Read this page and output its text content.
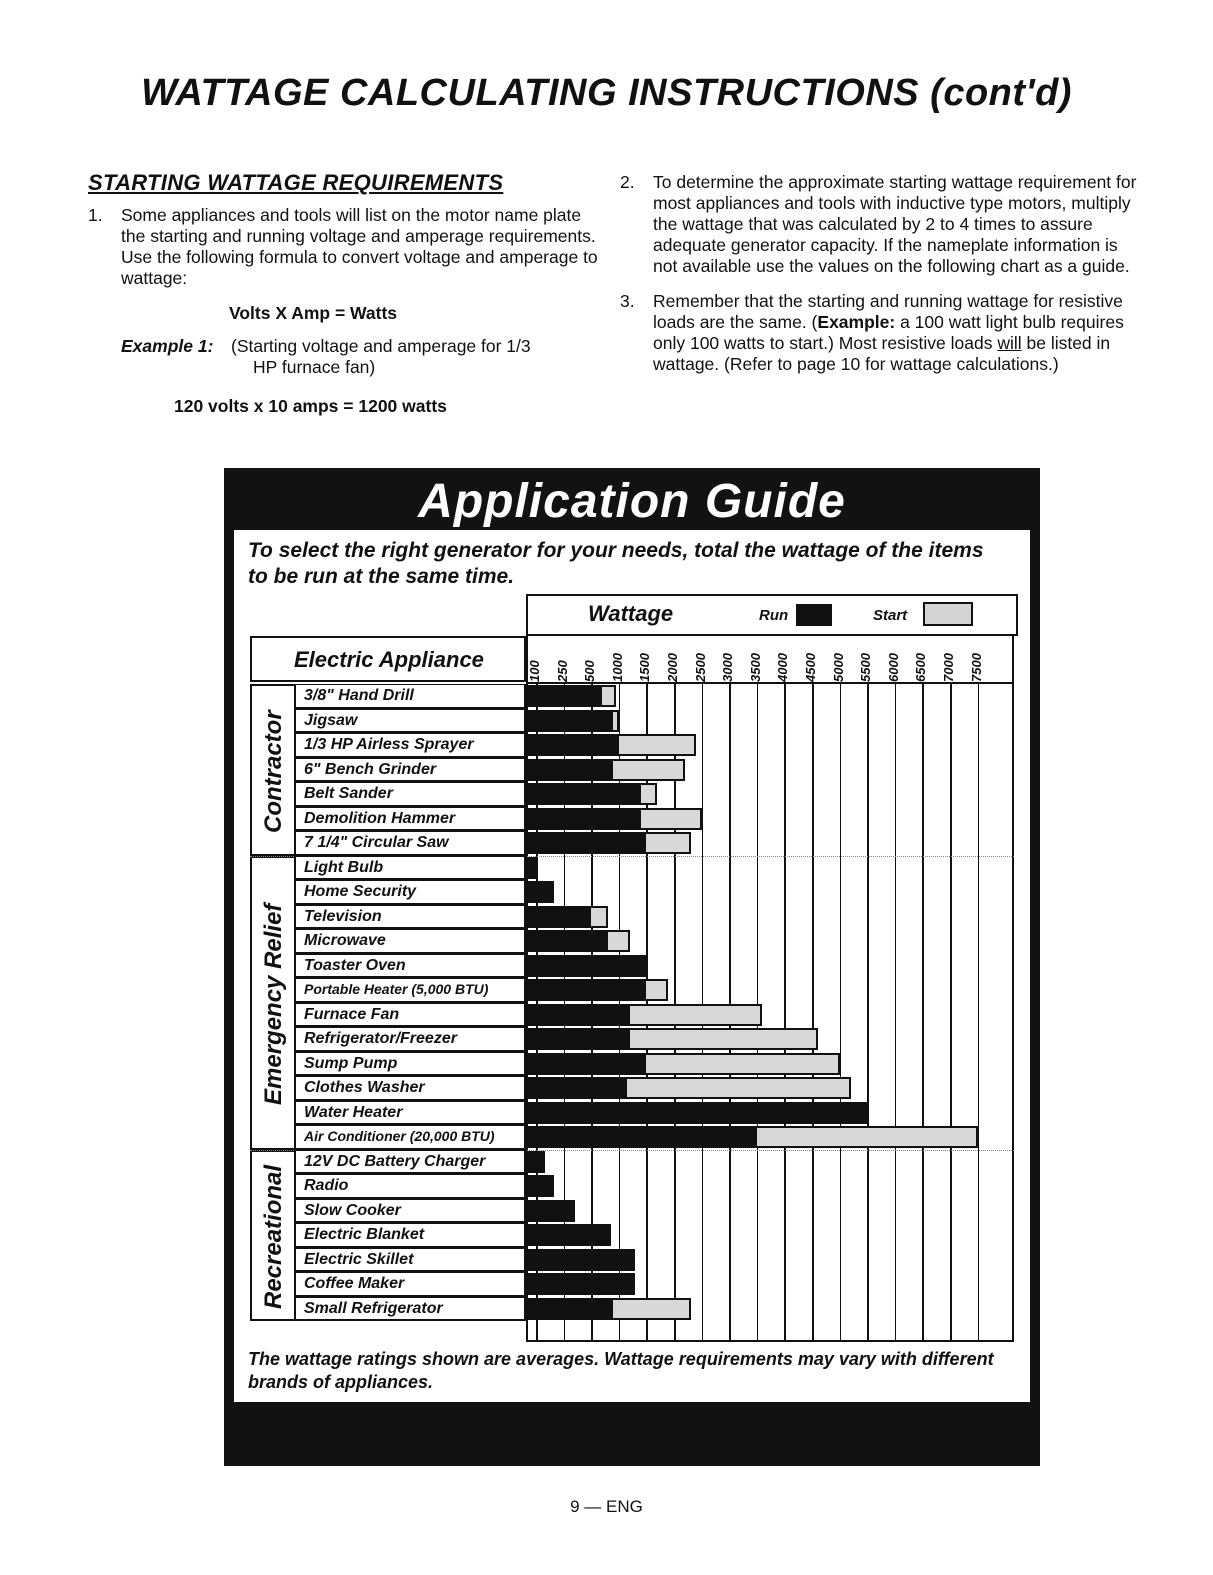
WATTAGE CALCULATING INSTRUCTIONS (cont'd)
STARTING WATTAGE REQUIREMENTS
1.	Some appliances and tools will list on the motor name plate the starting and running voltage and amperage requirements. Use the following formula to convert voltage and amperage to wattage:
Volts X Amp = Watts
Example 1:	(Starting voltage and amperage for 1/3
HP furnace fan)
120 volts x 10 amps = 1200 watts
2.	To determine the approximate starting wattage requirement for most appliances and tools with inductive type motors, multiply the wattage that was calculated by 2 to 4 times to assure adequate generator capacity. If the nameplate information is not available use the values on the following chart as a guide.
3.	Remember that the starting and running wattage for resistive loads are the same. (Example: a 100 watt light bulb requires only 100 watts to start.) Most resistive loads will be listed in wattage. (Refer to page 10 for wattage calculations.)
Application Guide
To select the right generator for your needs, total the wattage of the items to be run at the same time.
Wattage	Run	Start
Electric Appliance	100 250 500 1000 1500 2000 2500 3000 3500 4000 4500 5000 5500 6000 6500 7000 7500
Contractor
3/8" Hand Drill
Jigsaw
1/3 HP Airless Sprayer
6" Bench Grinder
Belt Sander
Demolition Hammer
7 1/4" Circular Saw
Emergency Relief
Light Bulb
Home Security
Television
Microwave
Toaster Oven
Portable Heater (5,000 BTU)
Furnace Fan
Refrigerator/Freezer
Sump Pump
Clothes Washer
Water Heater
Air Conditioner (20,000 BTU)
Recreational
12V DC Battery Charger
Radio
Slow Cooker
Electric Blanket
Electric Skillet
Coffee Maker
Small Refrigerator
The wattage ratings shown are averages. Wattage requirements may vary with different brands of appliances.
9 — ENG
